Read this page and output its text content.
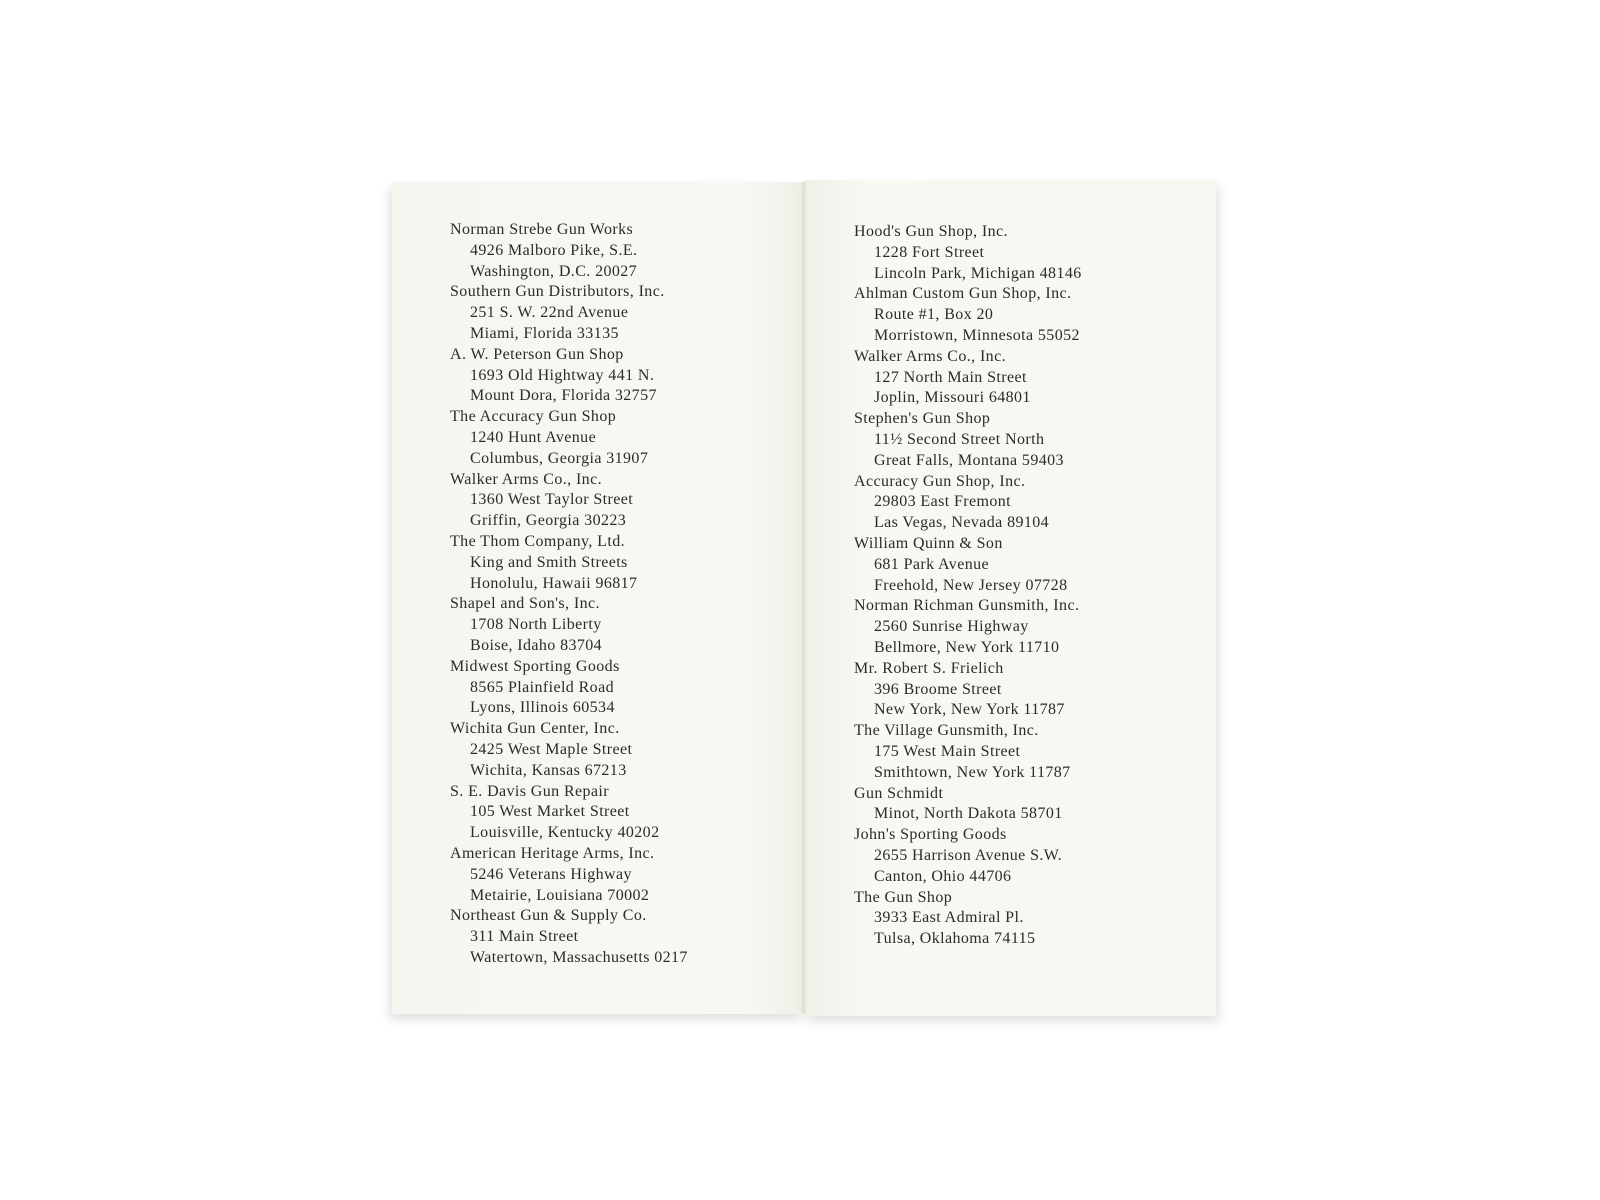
Norman Strebe Gun Works
4926 Malboro Pike, S.E.
Washington, D.C. 20027
Southern Gun Distributors, Inc.
251 S. W. 22nd Avenue
Miami, Florida 33135
A. W. Peterson Gun Shop
1693 Old Hightway 441 N.
Mount Dora, Florida 32757
The Accuracy Gun Shop
1240 Hunt Avenue
Columbus, Georgia 31907
Walker Arms Co., Inc.
1360 West Taylor Street
Griffin, Georgia 30223
The Thom Company, Ltd.
King and Smith Streets
Honolulu, Hawaii 96817
Shapel and Son's, Inc.
1708 North Liberty
Boise, Idaho 83704
Midwest Sporting Goods
8565 Plainfield Road
Lyons, Illinois 60534
Wichita Gun Center, Inc.
2425 West Maple Street
Wichita, Kansas 67213
S. E. Davis Gun Repair
105 West Market Street
Louisville, Kentucky 40202
American Heritage Arms, Inc.
5246 Veterans Highway
Metairie, Louisiana 70002
Northeast Gun & Supply Co.
311 Main Street
Watertown, Massachusetts 0217
Hood's Gun Shop, Inc.
1228 Fort Street
Lincoln Park, Michigan 48146
Ahlman Custom Gun Shop, Inc.
Route #1, Box 20
Morristown, Minnesota 55052
Walker Arms Co., Inc.
127 North Main Street
Joplin, Missouri 64801
Stephen's Gun Shop
11½ Second Street North
Great Falls, Montana 59403
Accuracy Gun Shop, Inc.
29803 East Fremont
Las Vegas, Nevada 89104
William Quinn & Son
681 Park Avenue
Freehold, New Jersey 07728
Norman Richman Gunsmith, Inc.
2560 Sunrise Highway
Bellmore, New York 11710
Mr. Robert S. Frielich
396 Broome Street
New York, New York 11787
The Village Gunsmith, Inc.
175 West Main Street
Smithtown, New York 11787
Gun Schmidt
Minot, North Dakota 58701
John's Sporting Goods
2655 Harrison Avenue S.W.
Canton, Ohio 44706
The Gun Shop
3933 East Admiral Pl.
Tulsa, Oklahoma 74115
